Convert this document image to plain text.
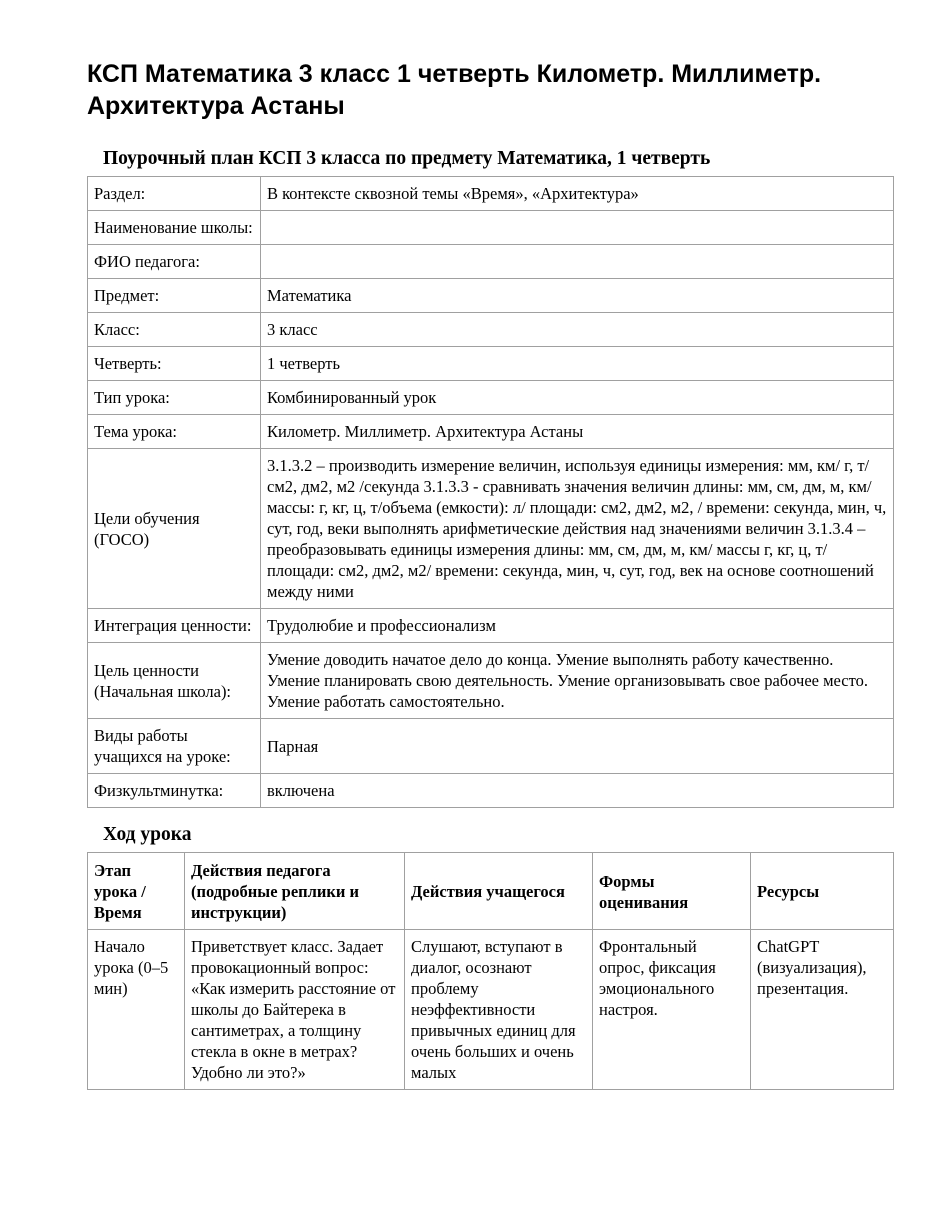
КСП Математика 3 класс 1 четверть Километр. Миллиметр. Архитектура Астаны
Поурочный план КСП 3 класса по предмету Математика, 1 четверть
Раздел:	В контексте сквозной темы «Время», «Архитектура»
Наименование школы:	
ФИО педагога:	
Предмет:	Математика
Класс:	3 класс
Четверть:	1 четверть
Тип урока:	Комбинированный урок
Тема урока:	Километр. Миллиметр. Архитектура Астаны
Цели обучения (ГОСО)	3.1.3.2 – производить измерение величин, используя единицы измерения: мм, км/ г, т/см2, дм2, м2 /секунда 3.1.3.3 - сравнивать значения величин длины: мм, см, дм, м, км/массы: г, кг, ц, т/объема (емкости): л/ площади: см2, дм2, м2, / времени: секунда, мин, ч, сут, год, веки выполнять арифметические действия над значениями величин 3.1.3.4 – преобразовывать единицы измерения длины: мм, см, дм, м, км/ массы г, кг, ц, т/ площади: см2, дм2, м2/ времени: секунда, мин, ч, сут, год, век на основе соотношений между ними
Интеграция ценности:	Трудолюбие и профессионализм
Цель ценности (Начальная школа):	Умение доводить начатое дело до конца. Умение выполнять работу качественно. Умение планировать свою деятельность. Умение организовывать свое рабочее место. Умение работать самостоятельно.
Виды работы учащихся на уроке:	Парная
Физкультминутка:	включена
Ход урока
Этап урока / Время	Действия педагога (подробные реплики и инструкции)	Действия учащегося	Формы оценивания	Ресурсы
Начало урока (0–5 мин)	Приветствует класс. Задает провокационный вопрос: «Как измерить расстояние от школы до Байтерека в сантиметрах, а толщину стекла в окне в метрах? Удобно ли это?»	Слушают, вступают в диалог, осознают проблему неэффективности привычных единиц для очень больших и очень малых	Фронтальный опрос, фиксация эмоционального настроя.	ChatGPT (визуализация), презентация.
